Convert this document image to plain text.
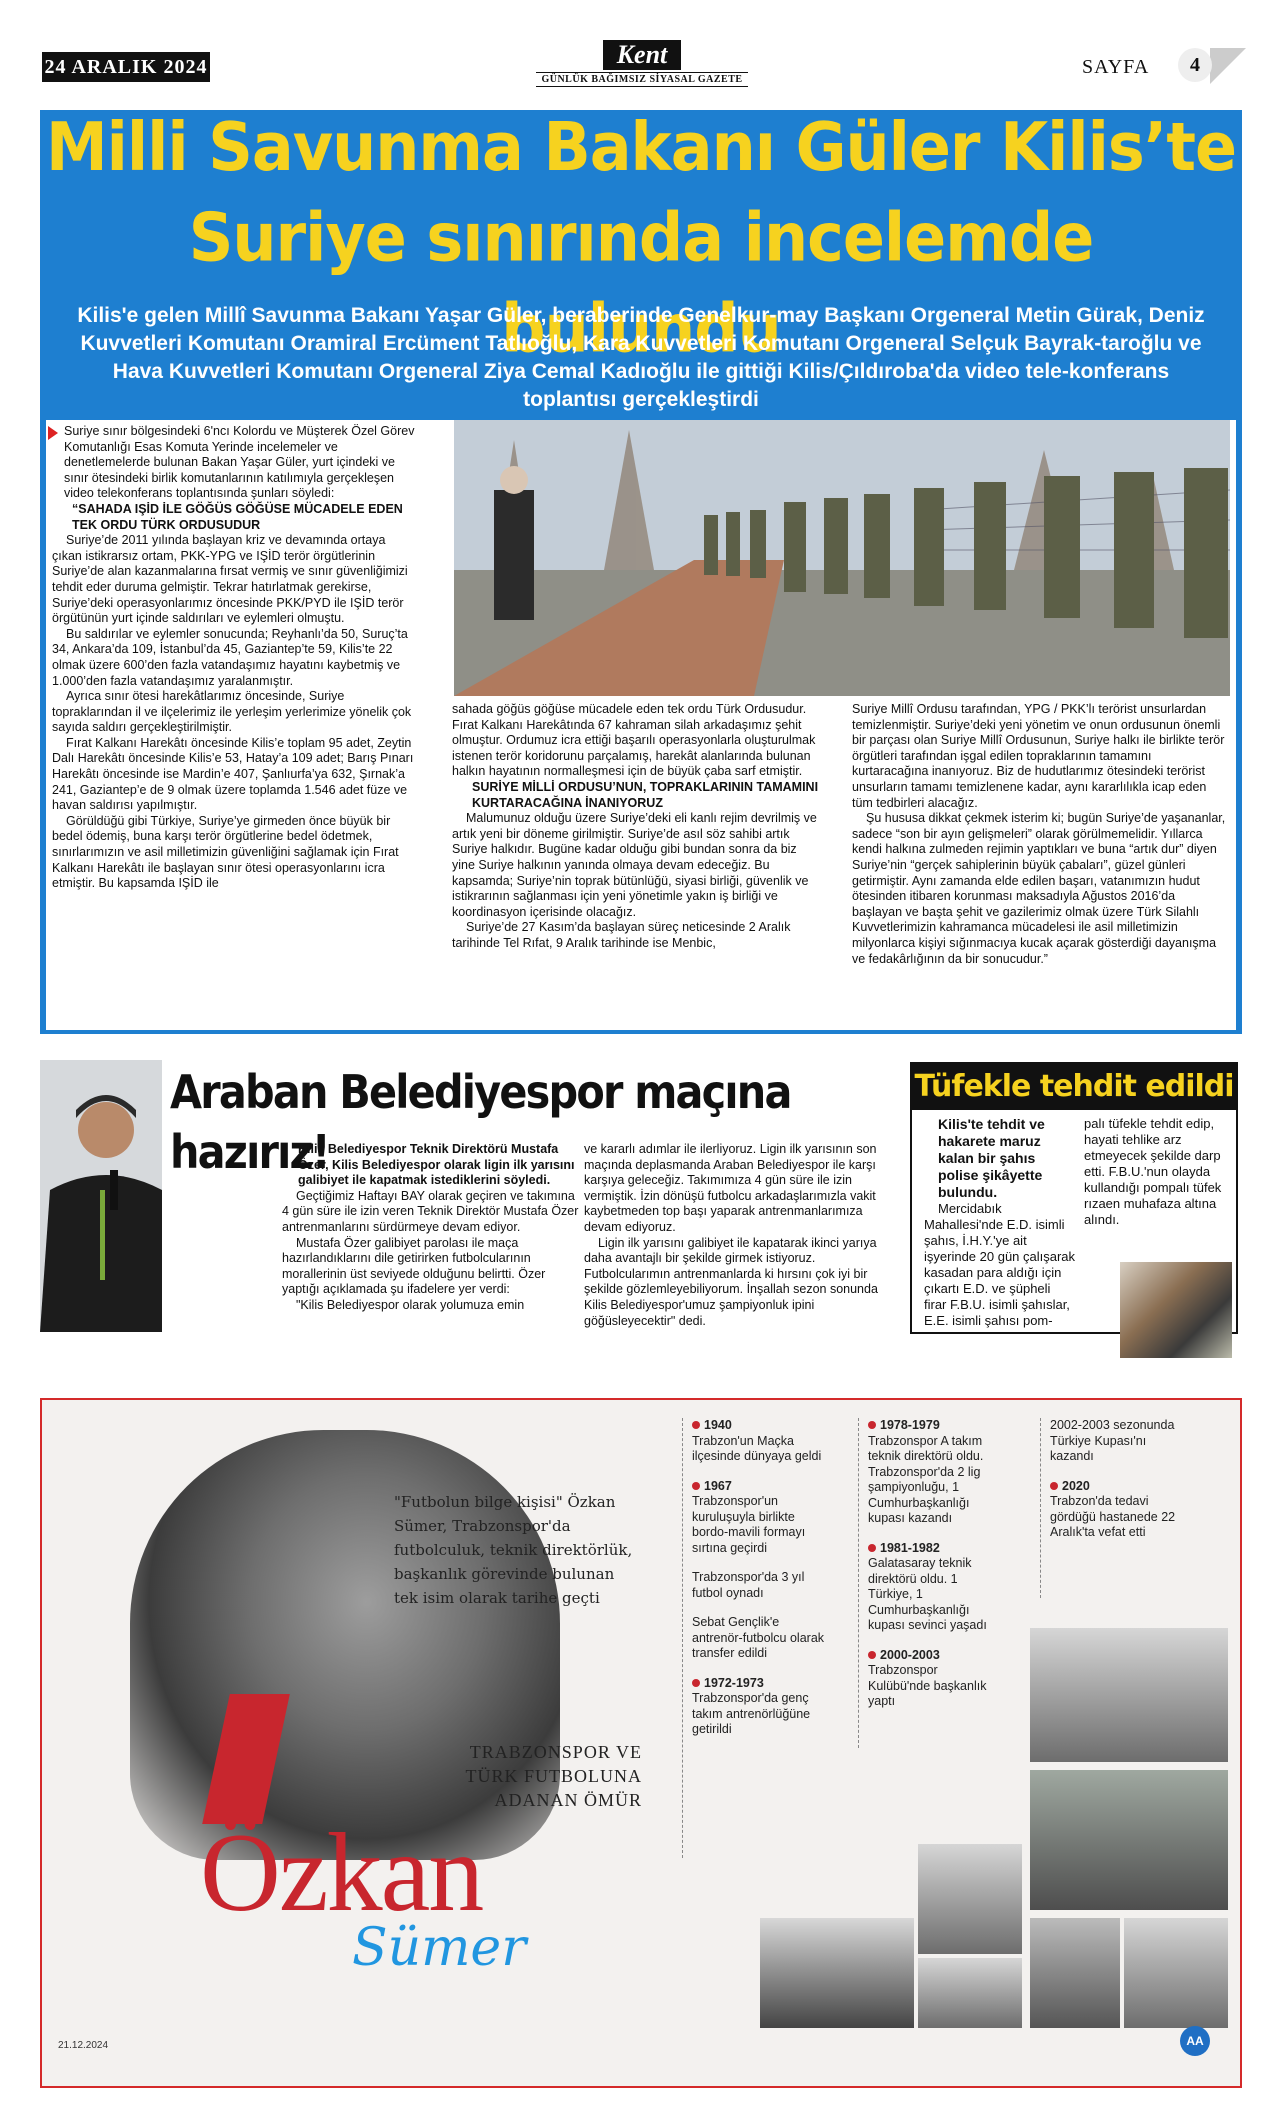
24 ARALIK 2024	Kent
GÜNLÜK BAĞIMSIZ SİYASAL GAZETE
SAYFA	4
Milli Savunma Bakanı Güler Kilis’te
Suriye sınırında incelemde bulundu
Kilis'e gelen Millî Savunma Bakanı Yaşar Güler, beraberinde Genelkur-may Başkanı Orgeneral Metin Gürak, Deniz Kuvvetleri Komutanı Oramiral Ercüment Tatlıoğlu, Kara Kuvvetleri Komutanı Orgeneral Selçuk Bayrak-taroğlu ve Hava Kuvvetleri Komutanı Orgeneral Ziya Cemal Kadıoğlu ile gittiği Kilis/Çıldıroba'da video tele-konferans toplantısı gerçekleştirdi

Suriye sınır bölgesindeki 6'ncı Kolordu ve Müşterek Özel Görev Komutanlığı Esas Komuta Yerinde incelemeler ve denetlemelerde bulunan Bakan Yaşar Güler, yurt içindeki ve sınır ötesindeki birlik komutanlarının katılımıyla gerçekleşen video telekonferans toplantısında şunları söyledi:

“SAHADA IŞİD İLE GÖĞÜS GÖĞÜSE MÜCADELE EDEN TEK ORDU TÜRK ORDUSUDUR

Suriye’de 2011 yılında başlayan kriz ve devamında ortaya çıkan istikrarsız ortam, PKK-YPG ve IŞİD terör örgütlerinin Suriye’de alan kazanmalarına fırsat vermiş ve sınır güvenliğimizi tehdit eder duruma gelmiştir. Tekrar hatırlatmak gerekirse, Suriye’deki operasyonlarımız öncesinde PKK/PYD ile IŞİD terör örgütünün yurt içinde saldırıları ve eylemleri olmuştu.

Bu saldırılar ve eylemler sonucunda; Reyhanlı’da 50, Suruç’ta 34, Ankara’da 109, İstanbul’da 45, Gaziantep’te 59, Kilis’te 22 olmak üzere 600’den fazla vatandaşımız hayatını kaybetmiş ve 1.000’den fazla vatandaşımız yaralanmıştır.

Ayrıca sınır ötesi harekâtlarımız öncesinde, Suriye topraklarından il ve ilçelerimiz ile yerleşim yerlerimize yönelik çok sayıda saldırı gerçekleştirilmiştir.

Fırat Kalkanı Harekâtı öncesinde Kilis’e toplam 95 adet, Zeytin Dalı Harekâtı öncesinde Kilis’e 53, Hatay’a 109 adet; Barış Pınarı Harekâtı öncesinde ise Mardin’e 407, Şanlıurfa’ya 632, Şırnak’a 241, Gaziantep’e de 9 olmak üzere toplamda 1.546 adet füze ve havan saldırısı yapılmıştır.

Görüldüğü gibi Türkiye, Suriye’ye girmeden önce büyük bir bedel ödemiş, buna karşı terör örgütlerine bedel ödetmek, sınırlarımızın ve asil milletimizin güvenliğini sağlamak için Fırat Kalkanı Harekâtı ile başlayan sınır ötesi operasyonlarını icra etmiştir. Bu kapsamda IŞİD ile

sahada göğüs göğüse mücadele eden tek ordu Türk Ordusudur. Fırat Kalkanı Harekâtında 67 kahraman silah arkadaşımız şehit olmuştur. Ordumuz icra ettiği başarılı operasyonlarla oluşturulmak istenen terör koridorunu parçalamış, harekât alanlarında bulunan halkın hayatının normalleşmesi için de büyük çaba sarf etmiştir.

SURİYE MİLLİ ORDUSU’NUN, TOPRAKLARININ TAMAMINI KURTARACAĞINA İNANIYORUZ

Malumunuz olduğu üzere Suriye’deki eli kanlı rejim devrilmiş ve artık yeni bir döneme girilmiştir. Suriye’de asıl söz sahibi artık Suriye halkıdır. Bugüne kadar olduğu gibi bundan sonra da biz yine Suriye halkının yanında olmaya devam edeceğiz. Bu kapsamda; Suriye’nin toprak bütünlüğü, siyasi birliği, güvenlik ve istikrarının sağlanması için yeni yönetimle yakın iş birliği ve koordinasyon içerisinde olacağız.

Suriye’de 27 Kasım’da başlayan süreç neticesinde 2 Aralık tarihinde Tel Rıfat, 9 Aralık tarihinde ise Menbic,

Suriye Millî Ordusu tarafından, YPG / PKK’lı terörist unsurlardan temizlenmiştir. Suriye’deki yeni yönetim ve onun ordusunun önemli bir parçası olan Suriye Millî Ordusunun, Suriye halkı ile birlikte terör örgütleri tarafından işgal edilen topraklarının tamamını kurtaracağına inanıyoruz. Biz de hudutlarımız ötesindeki terörist unsurların tamamı temizlenene kadar, aynı kararlılıkla icap eden tüm tedbirleri alacağız.

Şu hususa dikkat çekmek isterim ki; bugün Suriye’de yaşananlar, sadece “son bir ayın gelişmeleri” olarak görülmemelidir. Yıllarca kendi halkına zulmeden rejimin yaptıkları ve buna “artık dur” diyen Suriye’nin “gerçek sahiplerinin büyük çabaları”, güzel günleri getirmiştir. Aynı zamanda elde edilen başarı, vatanımızın hudut ötesinden itibaren korunması maksadıyla Ağustos 2016’da başlayan ve başta şehit ve gazilerimiz olmak üzere Türk Silahlı Kuvvetlerimizin kahramanca mücadelesi ile asil milletimizin milyonlarca kişiyi sığınmacıya kucak açarak gösterdiği dayanışma ve fedakârlığının da bir sonucudur.”

Araban Belediyespor maçına hazırız!

Kilis Belediyespor Teknik Direktörü Mustafa Özer, Kilis Belediyespor olarak ligin ilk yarısını galibiyet ile kapatmak istediklerini söyledi.

Geçtiğimiz Haftayı BAY olarak geçiren ve takımına 4 gün süre ile izin veren Teknik Direktör Mustafa Özer antrenmanlarını sürdürmeye devam ediyor.

Mustafa Özer galibiyet parolası ile maça hazırlandıklarını dile getirirken futbolcularının morallerinin üst seviyede olduğunu belirtti. Özer yaptığı açıklamada şu ifadelere yer verdi:

"Kilis Belediyespor olarak yolumuza emin

ve kararlı adımlar ile ilerliyoruz. Ligin ilk yarısının son maçında deplasmanda Araban Belediyespor ile karşı karşıya geleceğiz. Takımımıza 4 gün süre ile izin vermiştik. İzin dönüşü futbolcu arkadaşlarımızla vakit kaybetmeden top başı yaparak antrenmanlarımıza devam ediyoruz.

Ligin ilk yarısını galibiyet ile kapatarak ikinci yarıya daha avantajlı bir şekilde girmek istiyoruz. Futbolcularımın antrenmanlarda ki hırsını çok iyi bir şekilde gözlemleyebiliyorum. İnşallah sezon sonunda Kilis Belediyespor'umuz şampiyonluk ipini göğüsleyecektir" dedi.

Tüfekle tehdit edildi

Kilis'te tehdit ve hakarete maruz kalan bir şahıs polise şikâyette bulundu.

Mercidabık Mahallesi'nde E.D. isimli şahıs, İ.H.Y.'ye ait işyerinde 20 gün çalışarak kasadan para aldığı için çıkartı E.D. ve şüpheli firar F.B.U. isimli şahıslar, E.E. isimli şahısı pom-

palı tüfekle tehdit edip, hayati tehlike arz etmeyecek şekilde darp etti. F.B.U.'nun olayda kullandığı pompalı tüfek rızaen muhafaza altına alındı.

"Futbolun bilge kişisi" Özkan Sümer, Trabzonspor'da futbolculuk, teknik direktörlük, başkanlık görevinde bulunan tek isim olarak tarihe geçti
TRABZONSPOR VE TÜRK FUTBOLUNA ADANAN ÖMÜR
Özkan
Sümer
1940
Trabzon'un Maçka ilçesinde dünyaya geldi
1967
Trabzonspor'un kuruluşuyla birlikte bordo-mavili formayı sırtına geçirdi
Trabzonspor'da 3 yıl futbol oynadı
Sebat Gençlik'e antrenör-futbolcu olarak transfer edildi
1972-1973
Trabzonspor'da genç takım antrenörlüğüne getirildi
1978-1979
Trabzonspor A takım teknik direktörü oldu. Trabzonspor'da 2 lig şampiyonluğu, 1 Cumhurbaşkanlığı kupası kazandı
1981-1982
Galatasaray teknik direktörü oldu. 1 Türkiye, 1 Cumhurbaşkanlığı kupası sevinci yaşadı
2000-2003
Trabzonspor Kulübü'nde başkanlık yaptı
2002-2003 sezonunda Türkiye Kupası'nı kazandı
2020
Trabzon'da tedavi gördüğü hastanede 22 Aralık'ta vefat etti
21.12.2024	AA
